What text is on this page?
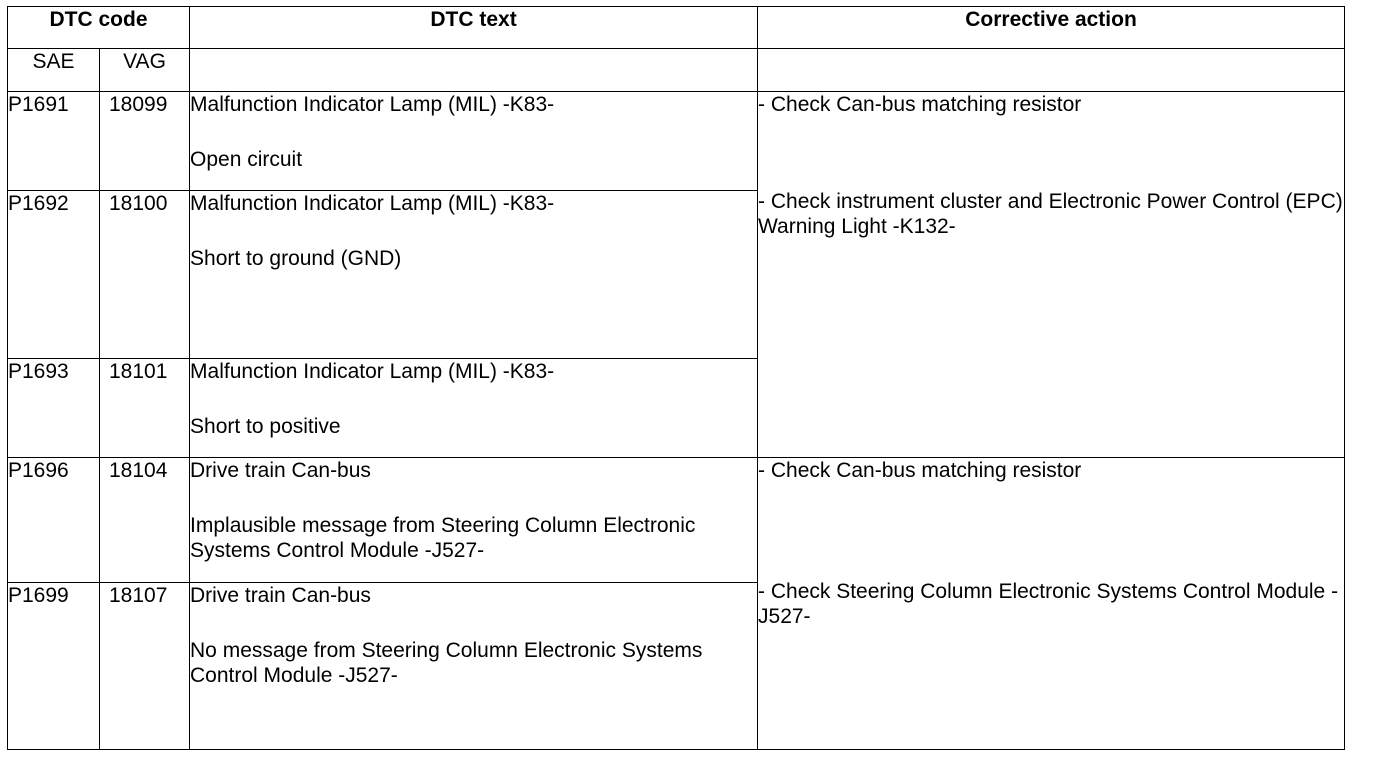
DTC code		DTC text	Corrective action
SAE	VAG		
P1691	18099	Malfunction Indicator Lamp (MIL) -K83-
Open circuit	- Check Can-bus matching resistor
- Check instrument cluster and Electronic Power Control (EPC) Warning Light -K132-

P1692	18100	Malfunction Indicator Lamp (MIL) -K83-
Short to ground (GND)	

P1693	18101	Malfunction Indicator Lamp (MIL) -K83-
Short to positive	

P1696	18104	Drive train Can-bus
Implausible message from Steering Column Electronic Systems Control Module -J527-	- Check Can-bus matching resistor
- Check Steering Column Electronic Systems Control Module -J527-

P1699	18107	Drive train Can-bus
No message from Steering Column Electronic Systems Control Module -J527-	
